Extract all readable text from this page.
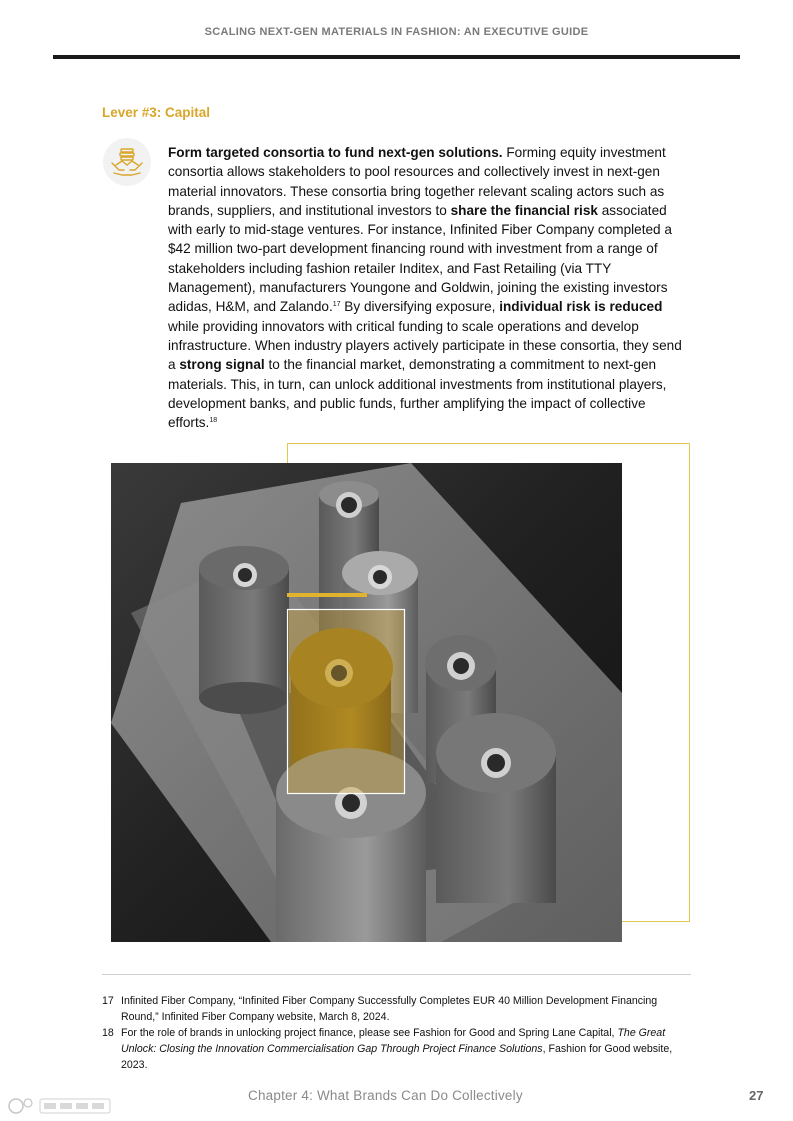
SCALING NEXT-GEN MATERIALS IN FASHION: AN EXECUTIVE GUIDE
Lever #3: Capital
Form targeted consortia to fund next-gen solutions. Forming equity investment consortia allows stakeholders to pool resources and collectively invest in next-gen material innovators. These consortia bring together relevant scaling actors such as brands, suppliers, and institutional investors to share the financial risk associated with early to mid-stage ventures. For instance, Infinited Fiber Company completed a $42 million two-part development financing round with investment from a range of stakeholders including fashion retailer Inditex, and Fast Retailing (via TTY Management), manufacturers Youngone and Goldwin, joining the existing investors adidas, H&M, and Zalando.$^{17}$ By diversifying exposure, individual risk is reduced while providing innovators with critical funding to scale operations and develop infrastructure. When industry players actively participate in these consortia, they send a strong signal to the financial market, demonstrating a commitment to next-gen materials. This, in turn, can unlock additional investments from institutional players, development banks, and public funds, further amplifying the impact of collective efforts.$^{18}$
17 Infinited Fiber Company, “Infinited Fiber Company Successfully Completes EUR 40 Million Development Financing Round,” Infinited Fiber Company website, March 8, 2024.
18 For the role of brands in unlocking project finance, please see Fashion for Good and Spring Lane Capital, The Great Unlock: Closing the Innovation Commercialisation Gap Through Project Finance Solutions, Fashion for Good website, 2023.
Chapter 4: What Brands Can Do Collectively	27
